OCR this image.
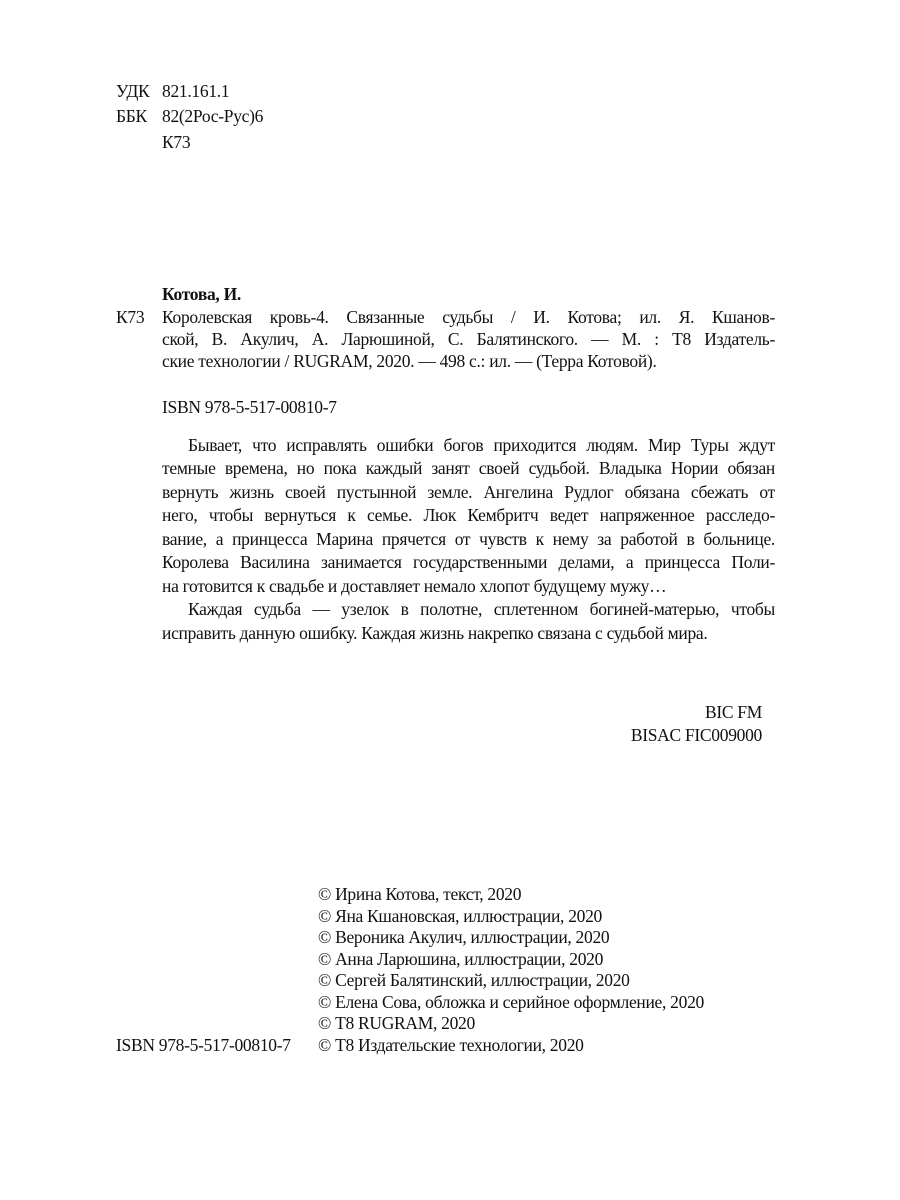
УДК 821.161.1
ББК 82(2Рос-Рус)6
К73
Котова, И.
К73 Королевская кровь-4. Связанные судьбы / И. Котова; ил. Я. Кшанов-
ской, В. Акулич, А. Ларюшиной, С. Балятинского. — М. : Т8 Издатель-
ские технологии / RUGRAM, 2020. — 498 с.: ил. — (Терра Котовой).
ISBN 978-5-517-00810-7
Бывает, что исправлять ошибки богов приходится людям. Мир Туры ждут
темные времена, но пока каждый занят своей судьбой. Владыка Нории обязан
вернуть жизнь своей пустынной земле. Ангелина Рудлог обязана сбежать от
него, чтобы вернуться к семье. Люк Кембритч ведет напряженное расследо-
вание, а принцесса Марина прячется от чувств к нему за работой в больнице.
Королева Василина занимается государственными делами, а принцесса Поли-
на готовится к свадьбе и доставляет немало хлопот будущему мужу…
Каждая судьба — узелок в полотне, сплетенном богиней-матерью, чтобы
исправить данную ошибку. Каждая жизнь накрепко связана с судьбой мира.
BIC FM
BISAC FIC009000
© Ирина Котова, текст, 2020
© Яна Кшановская, иллюстрации, 2020
© Вероника Акулич, иллюстрации, 2020
© Анна Ларюшина, иллюстрации, 2020
© Сергей Балятинский, иллюстрации, 2020
© Елена Сова, обложка и серийное оформление, 2020
© Т8 RUGRAM, 2020
© Т8 Издательские технологии, 2020
ISBN 978-5-517-00810-7
